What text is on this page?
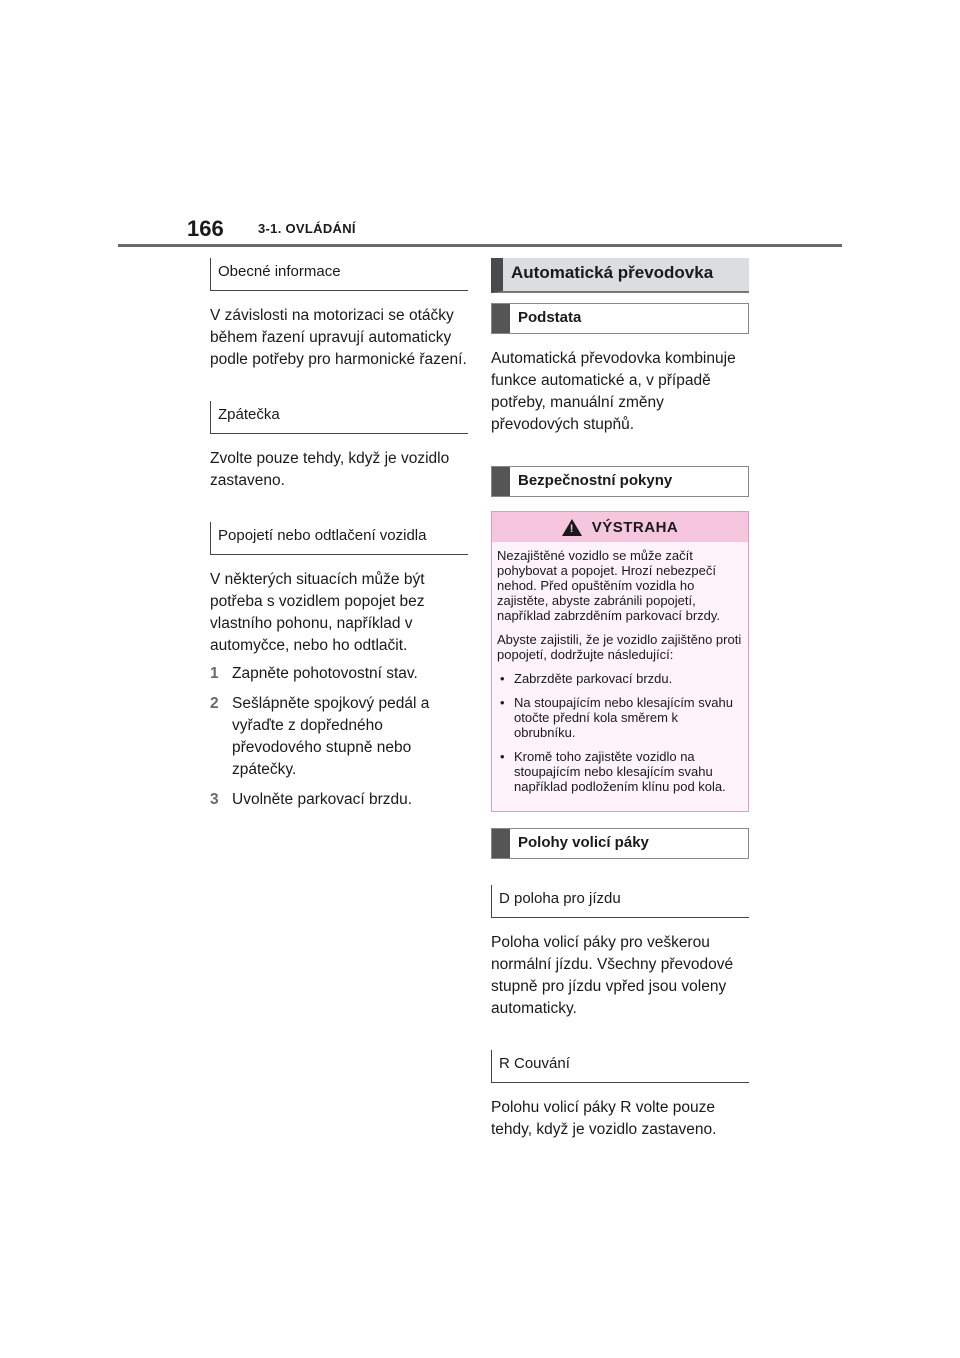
166	3-1. OVLÁDÁNÍ
Obecné informace

V závislosti na motorizaci se otáčky během řazení upravují automaticky podle potřeby pro harmonické řazení.

Zpátečka

Zvolte pouze tehdy, když je vozidlo zastaveno.

Popojetí nebo odtlačení vozidla

V některých situacích může být potřeba s vozidlem popojet bez vlastního pohonu, například v automyčce, nebo ho odtlačit.

1 Zapněte pohotovostní stav.
2 Sešlápněte spojkový pedál a vyřaďte z dopředného převodového stupně nebo zpátečky.
3 Uvolněte parkovací brzdu.
Automatická převodovka
Podstata

Automatická převodovka kombinuje funkce automatické a, v případě potřeby, manuální změny převodových stupňů.

Bezpečnostní pokyny
! VÝSTRAHA

Nezajištěné vozidlo se může začít pohybovat a popojet. Hrozí nebezpečí nehod. Před opuštěním vozidla ho zajistěte, abyste zabránili popojetí, například zabrzděním parkovací brzdy.

Abyste zajistili, že je vozidlo zajištěno proti popojetí, dodržujte následující:

• Zabrzděte parkovací brzdu.
• Na stoupajícím nebo klesajícím svahu otočte přední kola směrem k obrubníku.
• Kromě toho zajistěte vozidlo na stoupajícím nebo klesajícím svahu například podložením klínu pod kola.
Polohy volicí páky
D poloha pro jízdu

Poloha volicí páky pro veškerou normální jízdu. Všechny převodové stupně pro jízdu vpřed jsou voleny automaticky.

R Couvání

Polohu volicí páky R volte pouze tehdy, když je vozidlo zastaveno.
